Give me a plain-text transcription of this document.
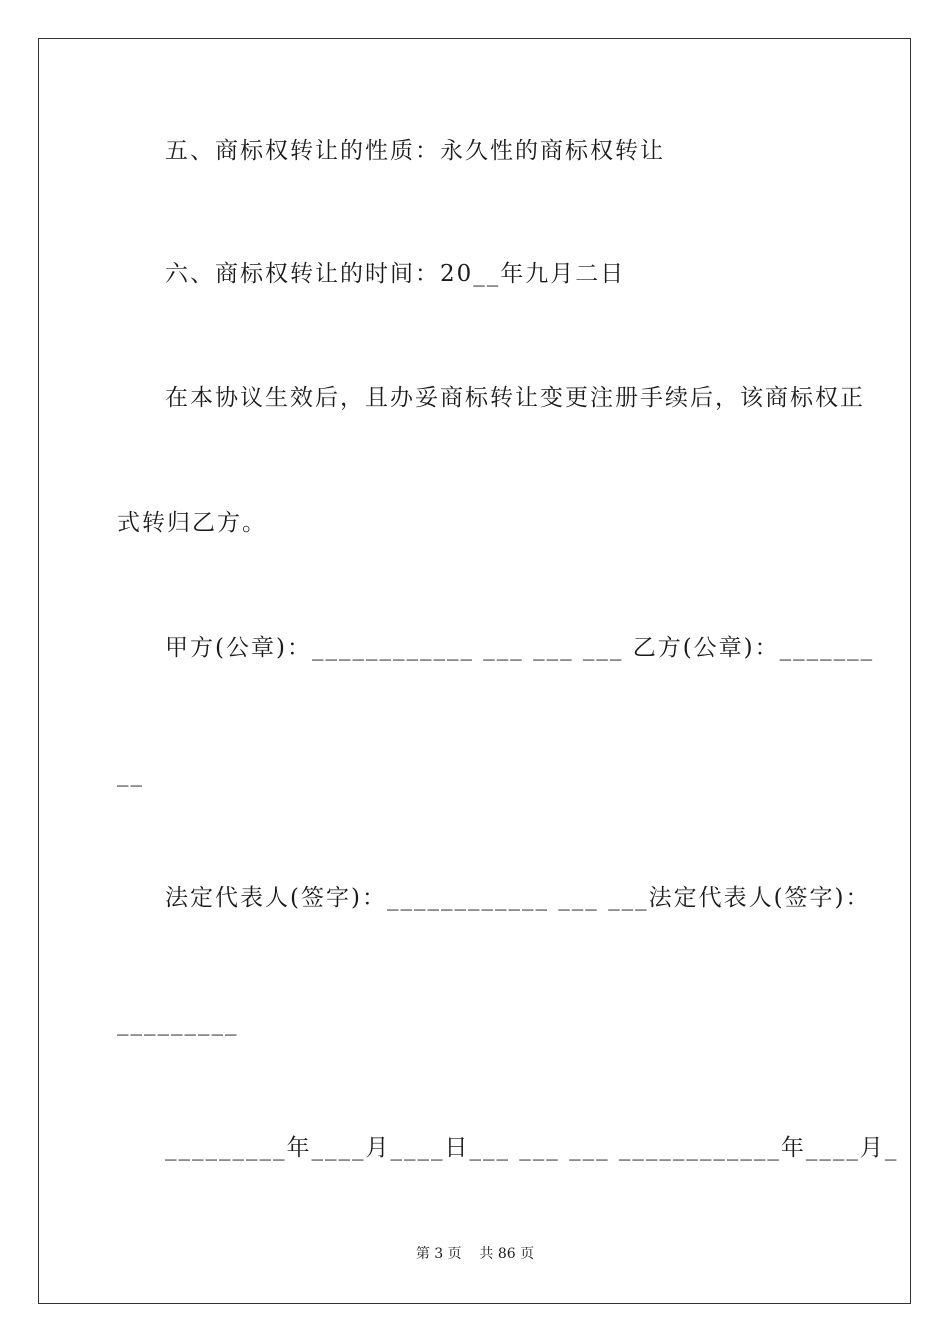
五、商标权转让的性质：永久性的商标权转让
六、商标权转让的时间：20__年九月二日
在本协议生效后，且办妥商标转让变更注册手续后，该商标权正
式转归乙方。
甲方(公章)：____________ ___ ___ ___ 乙方(公章)：_______
__
法定代表人(签字)：____________ ___ ___法定代表人(签字)：
_________
_________年____月____日___ ___ ___ ____________年____月_
第 3 页    共 86 页
